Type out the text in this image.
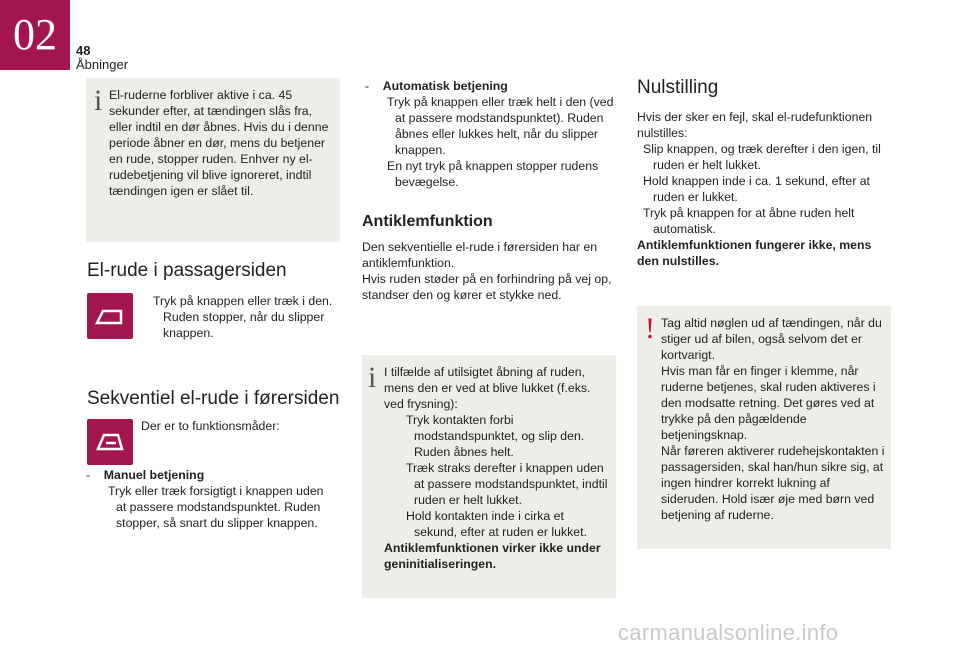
02	48
Åbninger
i El-ruderne forbliver aktive i ca. 45 sekunder efter, at tændingen slås fra, eller indtil en dør åbnes. Hvis du i denne periode åbner en dør, mens du betjener en rude, stopper ruden. Enhver ny el-rudebetjening vil blive ignoreret, indtil tændingen igen er slået til.

El-rude i passagersiden

Tryk på knappen eller træk i den. Ruden stopper, når du slipper knappen.

Sekventiel el-rude i førersiden

Der er to funktionsmåder:

- Manuel betjening

Tryk eller træk forsigtigt i knappen uden at passere modstandspunktet. Ruden stopper, så snart du slipper knappen.

- Automatisk betjening

Tryk på knappen eller træk helt i den (ved at passere modstandspunktet). Ruden åbnes eller lukkes helt, når du slipper knappen.

En nyt tryk på knappen stopper rudens bevægelse.

Antiklemfunktion

Den sekventielle el-rude i førersiden har en antiklemfunktion.

Hvis ruden støder på en forhindring på vej op, standser den og kører et stykke ned.

i I tilfælde af utilsigtet åbning af ruden, mens den er ved at blive lukket (f.eks. ved frysning):

Tryk kontakten forbi modstandspunktet, og slip den. Ruden åbnes helt.

Træk straks derefter i knappen uden at passere modstandspunktet, indtil ruden er helt lukket.

Hold kontakten inde i cirka et sekund, efter at ruden er lukket.

Antiklemfunktionen virker ikke under geninitialiseringen.

Nulstilling

Hvis der sker en fejl, skal el-rudefunktionen nulstilles:

Slip knappen, og træk derefter i den igen, til ruden er helt lukket.

Hold knappen inde i ca. 1 sekund, efter at ruden er lukket.

Tryk på knappen for at åbne ruden helt automatisk.

Antiklemfunktionen fungerer ikke, mens den nulstilles.

! Tag altid nøglen ud af tændingen, når du stiger ud af bilen, også selvom det er kortvarigt.

Hvis man får en finger i klemme, når ruderne betjenes, skal ruden aktiveres i den modsatte retning. Det gøres ved at trykke på den pågældende betjeningsknap.

Når føreren aktiverer rudehejskontakten i passagersiden, skal han/hun sikre sig, at ingen hindrer korrekt lukning af sideruden. Hold især øje med børn ved betjening af ruderne.

carmanualsonline.info
